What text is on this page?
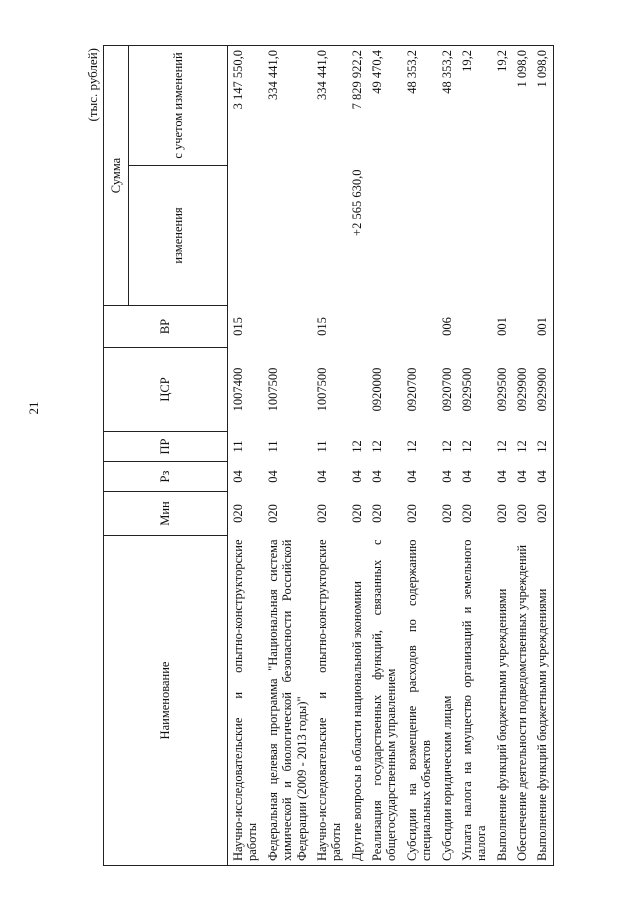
21
(тыс. рублей)
Наименование	Мин	Рз	ПР	ЦСР	ВР	Сумма	
						изменения	с учетом изменений
Научно-исследовательские и опытно-конструкторские работы	020	04	11	1007400	015		3 147 550,0
Федеральная целевая программа "Национальная система химической и биологической безопасности Российской Федерации (2009 - 2013 годы)"	020	04	11	1007500			334 441,0
Научно-исследовательские и опытно-конструкторские работы	020	04	11	1007500	015		334 441,0
Другие вопросы в области национальной экономики	020	04	12			+2 565 630,0	7 829 922,2
Реализация государственных функций, связанных с общегосударственным управлением	020	04	12	0920000			49 470,4
Субсидии на возмещение расходов по содержанию специальных объектов	020	04	12	0920700			48 353,2
Субсидии юридическим лицам	020	04	12	0920700	006		48 353,2
Уплата налога на имущество организаций и земельного налога	020	04	12	0929500			19,2
Выполнение функций бюджетными учреждениями	020	04	12	0929500	001		19,2
Обеспечение деятельности подведомственных учреждений	020	04	12	0929900			1 098,0
Выполнение функций бюджетными учреждениями	020	04	12	0929900	001		1 098,0
